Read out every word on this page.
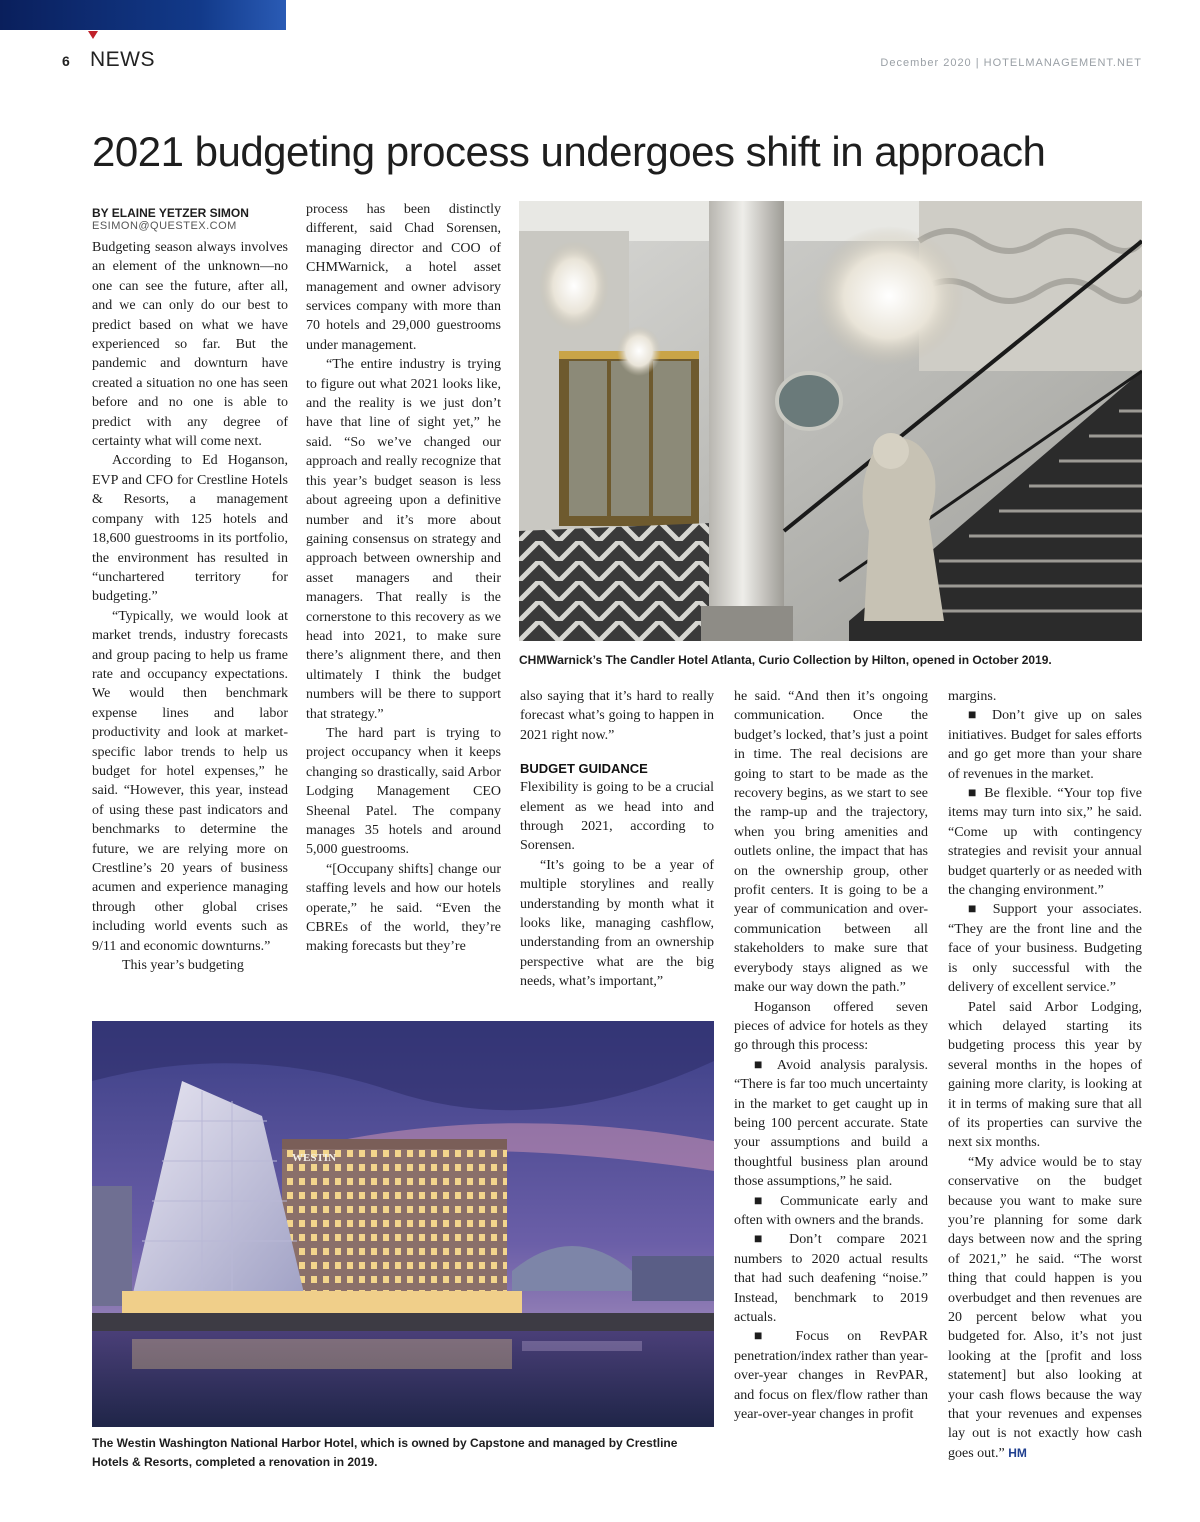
6 NEWS	December 2020 | HOTELMANAGEMENT.NET
2021 budgeting process undergoes shift in approach
BY ELAINE YETZER SIMON
ESIMON@QUESTEX.COM

Budgeting season always involves an element of the unknown—no one can see the future, after all, and we can only do our best to predict based on what we have experienced so far. But the pandemic and downturn have created a situation no one has seen before and no one is able to predict with any degree of certainty what will come next.

According to Ed Hoganson, EVP and CFO for Crestline Hotels & Resorts, a management company with 125 hotels and 18,600 guestrooms in its portfolio, the environment has resulted in “unchartered territory for budgeting.”

“Typically, we would look at market trends, industry forecasts and group pacing to help us frame rate and occupancy expectations. We would then benchmark expense lines and labor productivity and look at market-specific labor trends to help us budget for hotel expenses,” he said. “However, this year, instead of using these past indicators and benchmarks to determine the future, we are relying more on Crestline’s 20 years of business acumen and experience managing through other global crises including world events such as 9/11 and economic downturns.”

This year’s budgeting

process has been distinctly different, said Chad Sorensen, managing director and COO of CHMWarnick, a hotel asset management and owner advisory services company with more than 70 hotels and 29,000 guestrooms under management.

“The entire industry is trying to figure out what 2021 looks like, and the reality is we just don’t have that line of sight yet,” he said. “So we’ve changed our approach and really recognize that this year’s budget season is less about agreeing upon a definitive number and it’s more about gaining consensus on strategy and approach between ownership and asset managers and their managers. That really is the cornerstone to this recovery as we head into 2021, to make sure there’s alignment there, and then ultimately I think the budget numbers will be there to support that strategy.”

The hard part is trying to project occupancy when it keeps changing so drastically, said Arbor Lodging Management CEO Sheenal Patel. The company manages 35 hotels and around 5,000 guestrooms.

“[Occupany shifts] change our staffing levels and how our hotels operate,” he said. “Even the CBREs of the world, they’re making forecasts but they’re

CHMWarnick’s The Candler Hotel Atlanta, Curio Collection by Hilton, opened in October 2019.

also saying that it’s hard to really forecast what’s going to happen in 2021 right now.”

BUDGET GUIDANCE

Flexibility is going to be a crucial element as we head into and through 2021, according to Sorensen.

“It’s going to be a year of multiple storylines and really understanding by month what it looks like, managing cashflow, understanding from an ownership perspective what are the big needs, what’s important,”

he said. “And then it’s ongoing communication. Once the budget’s locked, that’s just a point in time. The real decisions are going to start to be made as the recovery begins, as we start to see the ramp-up and the trajectory, when you bring amenities and outlets online, the impact that has on the ownership group, other profit centers. It is going to be a year of communication and over-communication between all stakeholders to make sure that everybody stays aligned as we make our way down the path.”

Hoganson offered seven pieces of advice for hotels as they go through this process:

■ Avoid analysis paralysis. “There is far too much uncertainty in the market to get caught up in being 100 percent accurate. State your assumptions and build a thoughtful business plan around those assumptions,” he said.

■ Communicate early and often with owners and the brands.

■ Don’t compare 2021 numbers to 2020 actual results that had such deafening “noise.” Instead, benchmark to 2019 actuals.

■ Focus on RevPAR penetration/index rather than year-over-year changes in RevPAR, and focus on flex/flow rather than year-over-year changes in profit

margins.

■ Don’t give up on sales initiatives. Budget for sales efforts and go get more than your share of revenues in the market.

■ Be flexible. “Your top five items may turn into six,” he said. “Come up with contingency strategies and revisit your annual budget quarterly or as needed with the changing environment.”

■ Support your associates. “They are the front line and the face of your business. Budgeting is only successful with the delivery of excellent service.”

Patel said Arbor Lodging, which delayed starting its budgeting process this year by several months in the hopes of gaining more clarity, is looking at it in terms of making sure that all of its properties can survive the next six months.

“My advice would be to stay conservative on the budget because you want to make sure you’re planning for some dark days between now and the spring of 2021,” he said. “The worst thing that could happen is you overbudget and then revenues are 20 percent below what you budgeted for. Also, it’s not just looking at the [profit and loss statement] but also looking at your cash flows because the way that your revenues and expenses lay out is not exactly how cash goes out.” HM

WESTIN
The Westin Washington National Harbor Hotel, which is owned by Capstone and managed by Crestline Hotels & Resorts, completed a renovation in 2019.
